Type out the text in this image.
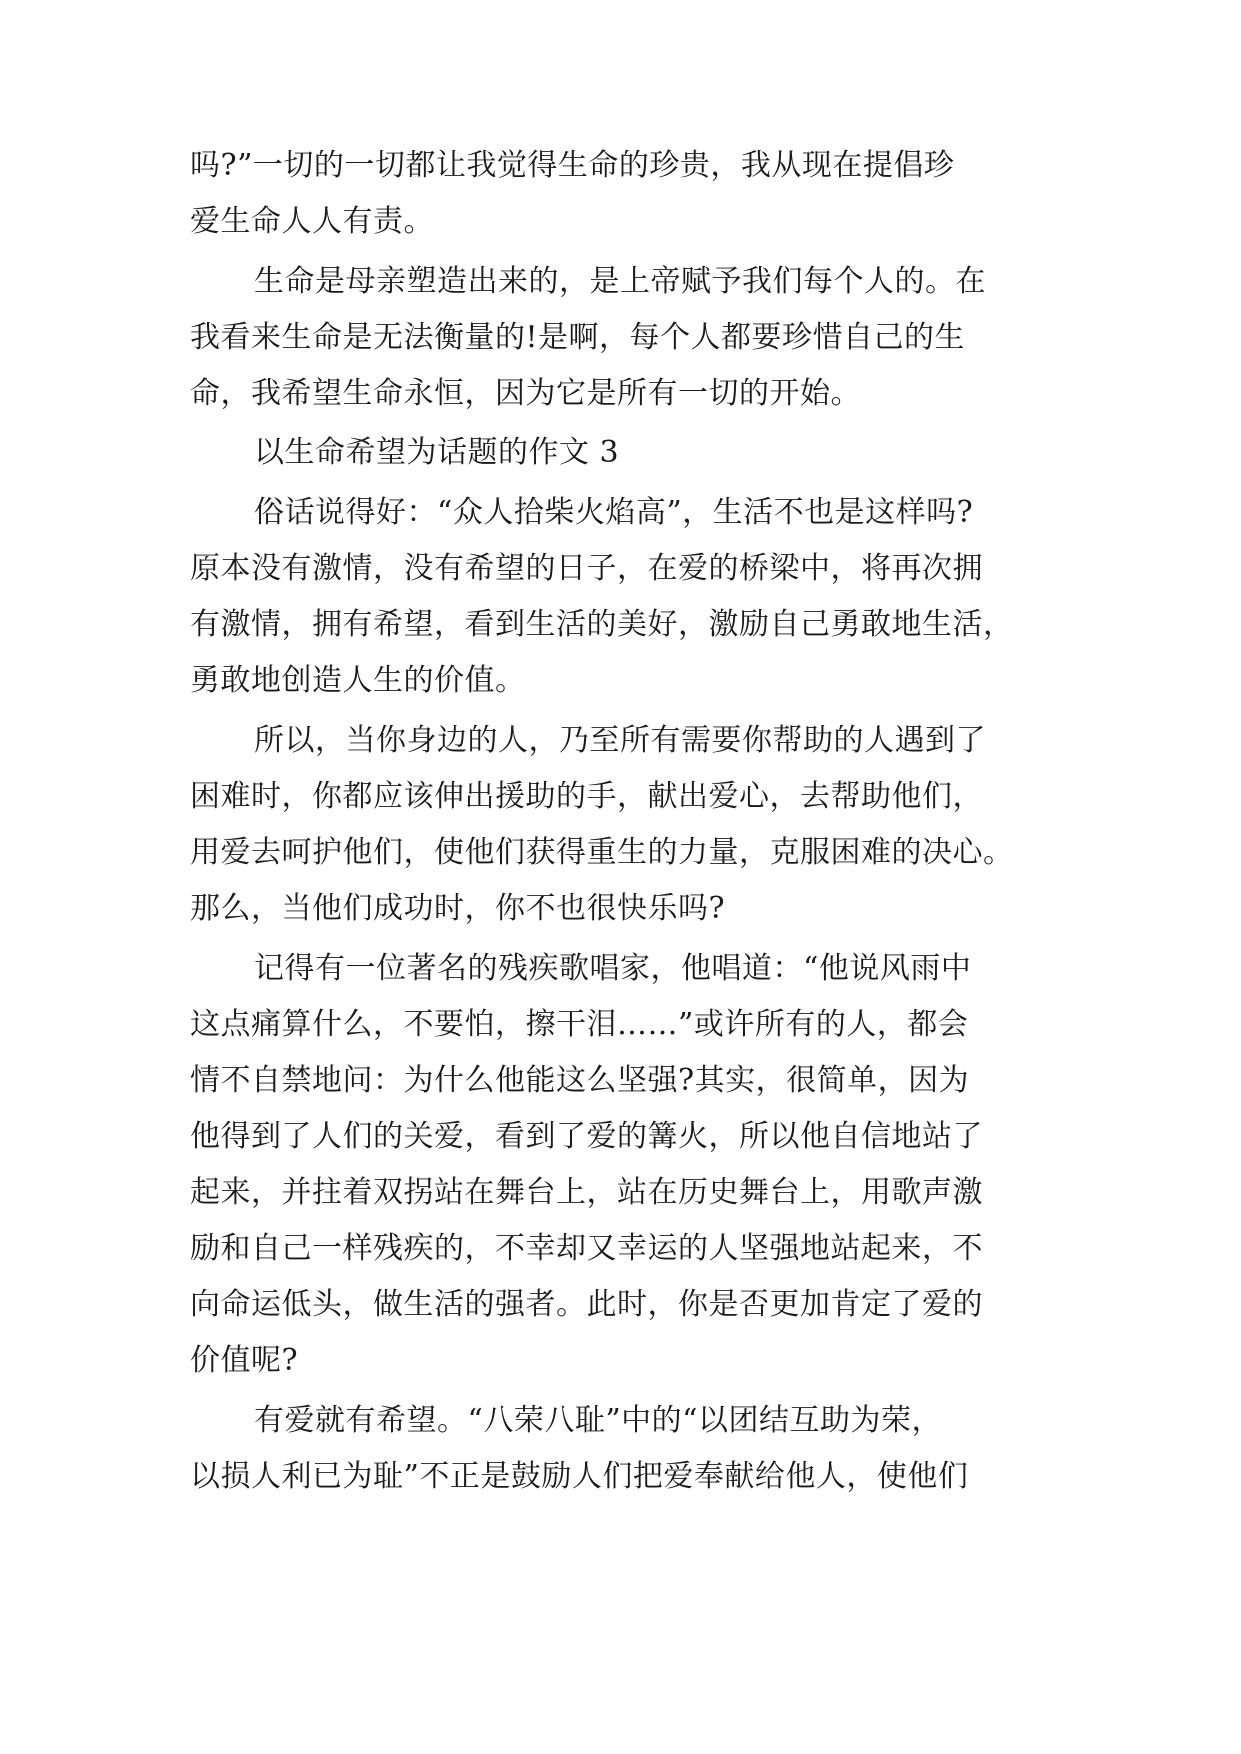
吗?”一切的一切都让我觉得生命的珍贵，我从现在提倡珍
爱生命人人有责。
生命是母亲塑造出来的，是上帝赋予我们每个人的。在
我看来生命是无法衡量的!是啊，每个人都要珍惜自己的生
命，我希望生命永恒，因为它是所有一切的开始。
以生命希望为话题的作文 3
俗话说得好：“众人拾柴火焰高”，生活不也是这样吗?
原本没有激情，没有希望的日子，在爱的桥梁中，将再次拥
有激情，拥有希望，看到生活的美好，激励自己勇敢地生活，
勇敢地创造人生的价值。
所以，当你身边的人，乃至所有需要你帮助的人遇到了
困难时，你都应该伸出援助的手，献出爱心，去帮助他们，
用爱去呵护他们，使他们获得重生的力量，克服困难的决心。
那么，当他们成功时，你不也很快乐吗?
记得有一位著名的残疾歌唱家，他唱道：“他说风雨中
这点痛算什么，不要怕，擦干泪……”或许所有的人，都会
情不自禁地问：为什么他能这么坚强?其实，很简单，因为
他得到了人们的关爱，看到了爱的篝火，所以他自信地站了
起来，并拄着双拐站在舞台上，站在历史舞台上，用歌声激
励和自己一样残疾的，不幸却又幸运的人坚强地站起来，不
向命运低头，做生活的强者。此时，你是否更加肯定了爱的
价值呢?
有爱就有希望。“八荣八耻”中的“以团结互助为荣，
以损人利已为耻”不正是鼓励人们把爱奉献给他人，使他们
